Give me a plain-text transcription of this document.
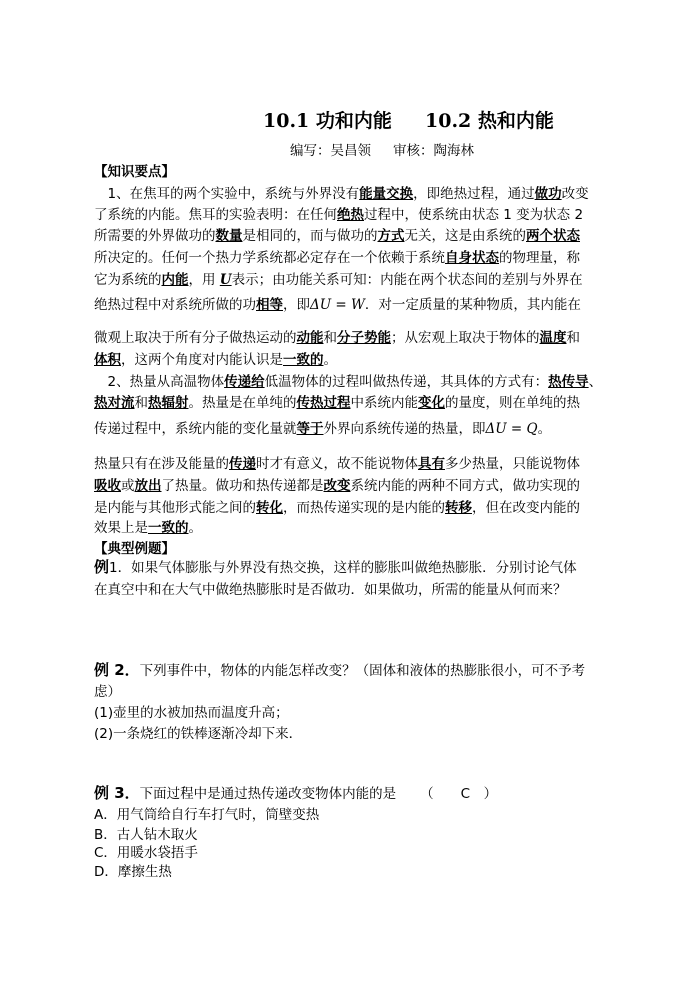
10.1 功和内能 10.2 热和内能
编写：吴昌领 审核：陶海林
【知识要点】
　1、在焦耳的两个实验中，系统与外界没有能量交换，即绝热过程，通过做功改变
了系统的内能。焦耳的实验表明：在任何绝热过程中，使系统由状态 1 变为状态 2
所需要的外界做功的数量是相同的，而与做功的方式无关，这是由系统的两个状态
所决定的。任何一个热力学系统都必定存在一个依赖于系统自身状态的物理量，称
它为系统的内能，用 U表示；由功能关系可知：内能在两个状态间的差别与外界在
绝热过程中对系统所做的功相等，即ΔU = W．对一定质量的某种物质，其内能在
微观上取决于所有分子做热运动的动能和分子势能；从宏观上取决于物体的温度和
体积，这两个角度对内能认识是一致的。
　2、热量从高温物体传递给低温物体的过程叫做热传递，其具体的方式有：热传导、
热对流和热辐射。热量是在单纯的传热过程中系统内能变化的量度，则在单纯的热
传递过程中，系统内能的变化量就等于外界向系统传递的热量，即ΔU = Q。
热量只有在涉及能量的传递时才有意义，故不能说物体具有多少热量，只能说物体
吸收或放出了热量。做功和热传递都是改变系统内能的两种不同方式，做功实现的
是内能与其他形式能之间的转化，而热传递实现的是内能的转移，但在改变内能的
效果上是一致的。
【典型例题】
例1．如果气体膨胀与外界没有热交换，这样的膨胀叫做绝热膨胀．分别讨论气体
在真空中和在大气中做绝热膨胀时是否做功．如果做功，所需的能量从何而来？
例 2．下列事件中，物体的内能怎样改变？（固体和液体的热膨胀很小，可不予考
虑）
(1)壶里的水被加热而温度升高；
(2)一条烧红的铁棒逐渐冷却下来．
例 3．下面过程中是通过热传递改变物体内能的是 （　　C　）
A．用气筒给自行车打气时，筒壁变热
B．古人钻木取火
C．用暖水袋捂手
D．摩擦生热
